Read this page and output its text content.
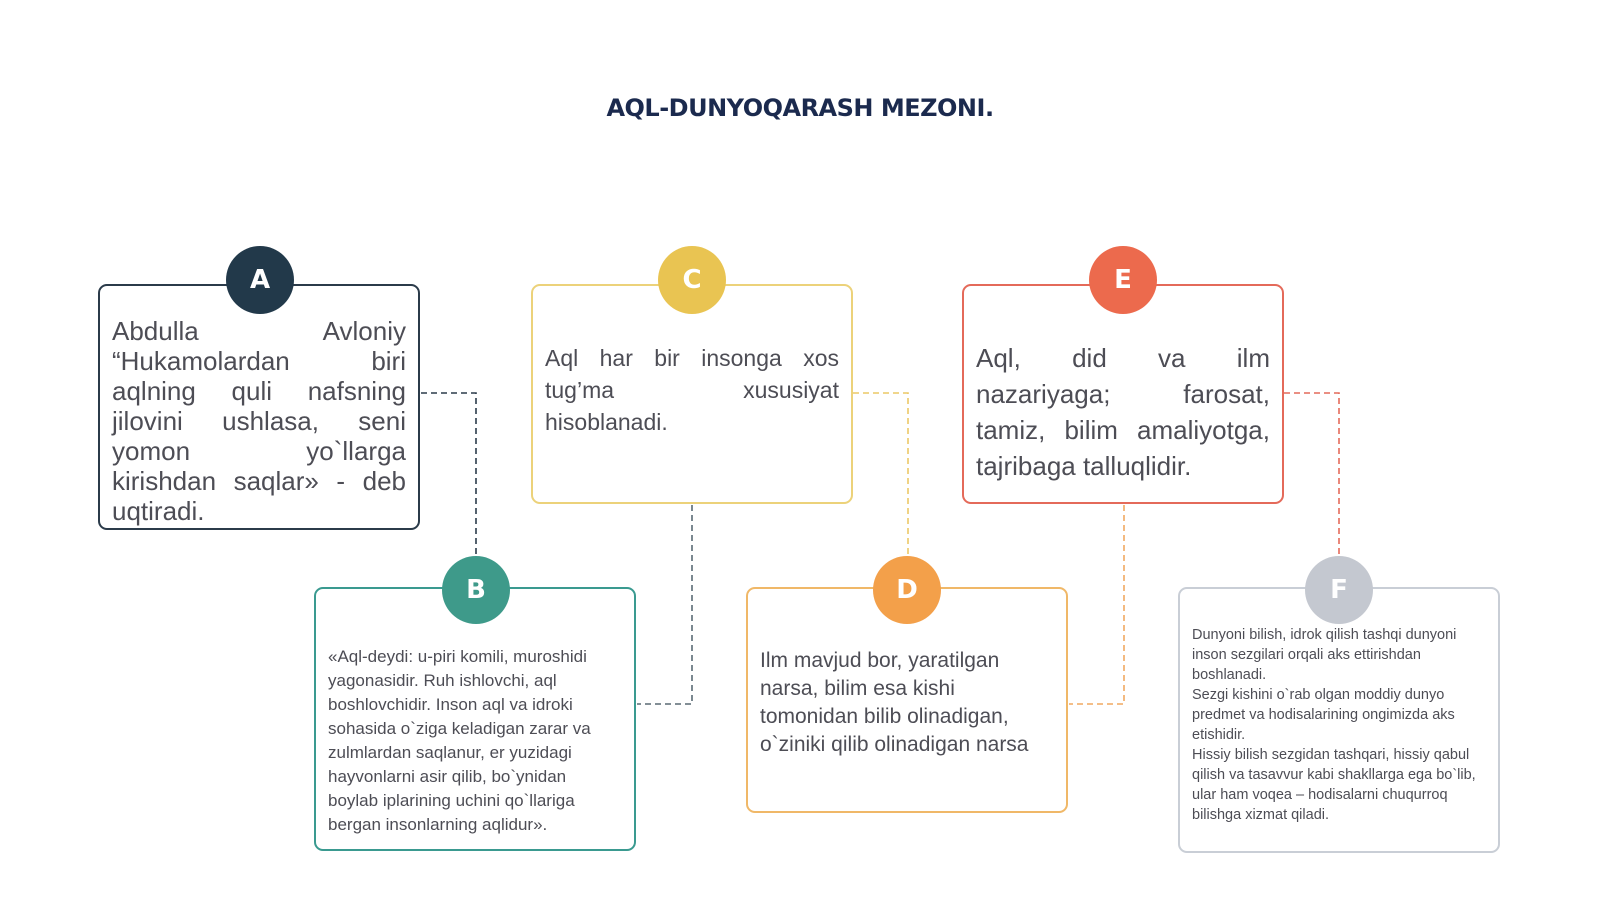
AQL-DUNYOQARASH MEZONI.

Abdulla Avloniy “Hukamolardan biri aqlning quli nafsning jilovini ushlasa, seni yomon yo`llarga kirishdan saqlar» - deb uqtiradi.

A

Aql har bir insonga xos tug’ma xususiyat hisoblanadi.

C

Aql, did va ilm nazariyaga; farosat, tamiz, bilim amaliyotga, tajribaga talluqlidir.

E

«Aql-deydi: u-piri komili, muroshidi
yagonasidir. Ruh ishlovchi, aql
boshlovchidir. Inson aql va idroki
sohasida o`ziga keladigan zarar va
zulmlardan saqlanur, er yuzidagi
hayvonlarni asir qilib, bo`ynidan
boylab iplarining uchini qo`llariga
bergan insonlarning aqlidur».

B

Ilm mavjud bor, yaratilgan
narsa, bilim esa kishi
tomonidan bilib olinadigan,
o`ziniki qilib olinadigan narsa

D

Dunyoni bilish, idrok qilish tashqi dunyoni
inson sezgilari orqali aks ettirishdan
boshlanadi.
Sezgi kishini o`rab olgan moddiy dunyo
predmet va hodisalarining ongimizda aks
etishidir.
Hissiy bilish sezgidan tashqari, hissiy qabul
qilish va tasavvur kabi shakllarga ega bo`lib,
ular ham voqea – hodisalarni chuqurroq
bilishga xizmat qiladi.

F
